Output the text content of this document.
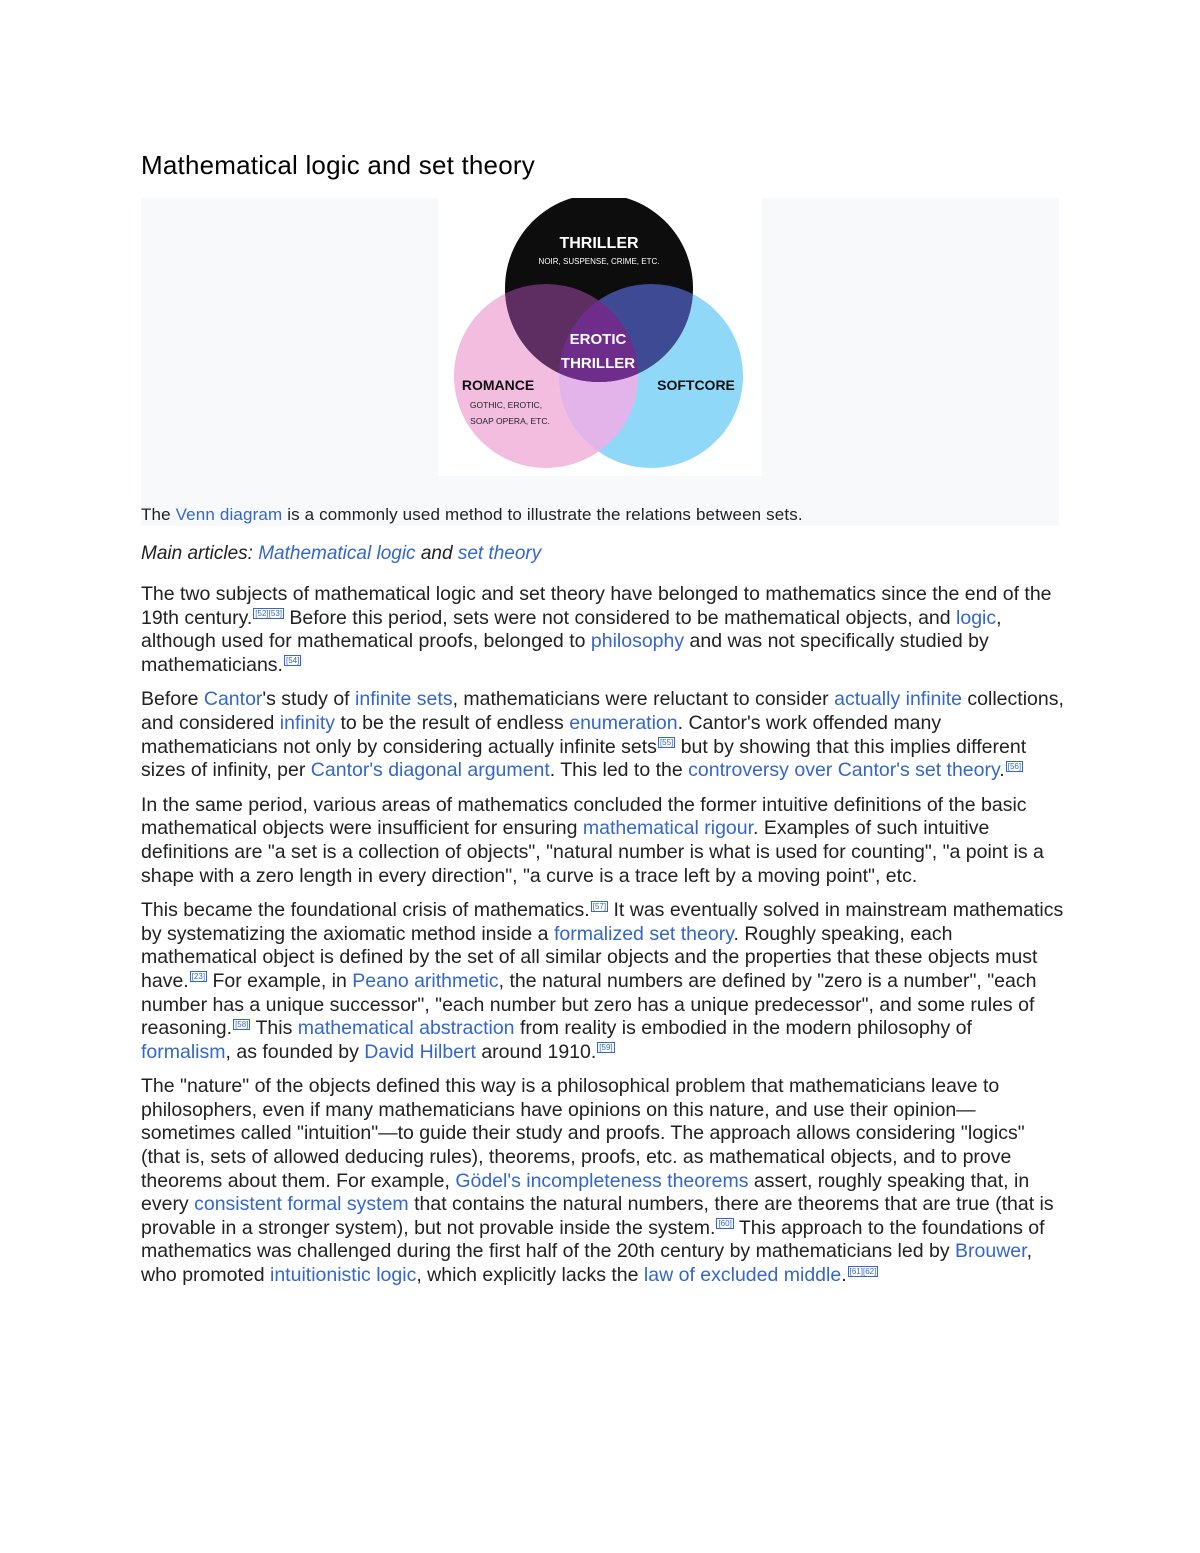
Mathematical logic and set theory
THRILLER
NOIR, SUSPENSE, CRIME, ETC.
EROTIC
THRILLER
ROMANCE
GOTHIC, EROTIC,
SOAP OPERA, ETC.
SOFTCORE
The Venn diagram is a commonly used method to illustrate the relations between sets.
Main articles: Mathematical logic and set theory

The two subjects of mathematical logic and set theory have belonged to mathematics since the end of the 19th century. [52][53] Before this period, sets were not considered to be mathematical objects, and logic, although used for mathematical proofs, belonged to philosophy and was not specifically studied by mathematicians. [54]

Before Cantor's study of infinite sets, mathematicians were reluctant to consider actually infinite collections, and considered infinity to be the result of endless enumeration. Cantor's work offended many mathematicians not only by considering actually infinite sets [55] but by showing that this implies different sizes of infinity, per Cantor's diagonal argument. This led to the controversy over Cantor's set theory. [56]

In the same period, various areas of mathematics concluded the former intuitive definitions of the basic mathematical objects were insufficient for ensuring mathematical rigour. Examples of such intuitive definitions are "a set is a collection of objects", "natural number is what is used for counting", "a point is a shape with a zero length in every direction", "a curve is a trace left by a moving point", etc.

This became the foundational crisis of mathematics. [57] It was eventually solved in mainstream mathematics by systematizing the axiomatic method inside a formalized set theory. Roughly speaking, each mathematical object is defined by the set of all similar objects and the properties that these objects must have. [23] For example, in Peano arithmetic, the natural numbers are defined by "zero is a number", "each number has a unique successor", "each number but zero has a unique predecessor", and some rules of reasoning. [58] This mathematical abstraction from reality is embodied in the modern philosophy of formalism, as founded by David Hilbert around 1910. [59]

The "nature" of the objects defined this way is a philosophical problem that mathematicians leave to philosophers, even if many mathematicians have opinions on this nature, and use their opinion—sometimes called "intuition"—to guide their study and proofs. The approach allows considering "logics" (that is, sets of allowed deducing rules), theorems, proofs, etc. as mathematical objects, and to prove theorems about them. For example, Gödel's incompleteness theorems assert, roughly speaking that, in every consistent formal system that contains the natural numbers, there are theorems that are true (that is provable in a stronger system), but not provable inside the system. [60] This approach to the foundations of mathematics was challenged during the first half of the 20th century by mathematicians led by Brouwer, who promoted intuitionistic logic, which explicitly lacks the law of excluded middle. [61][62]
